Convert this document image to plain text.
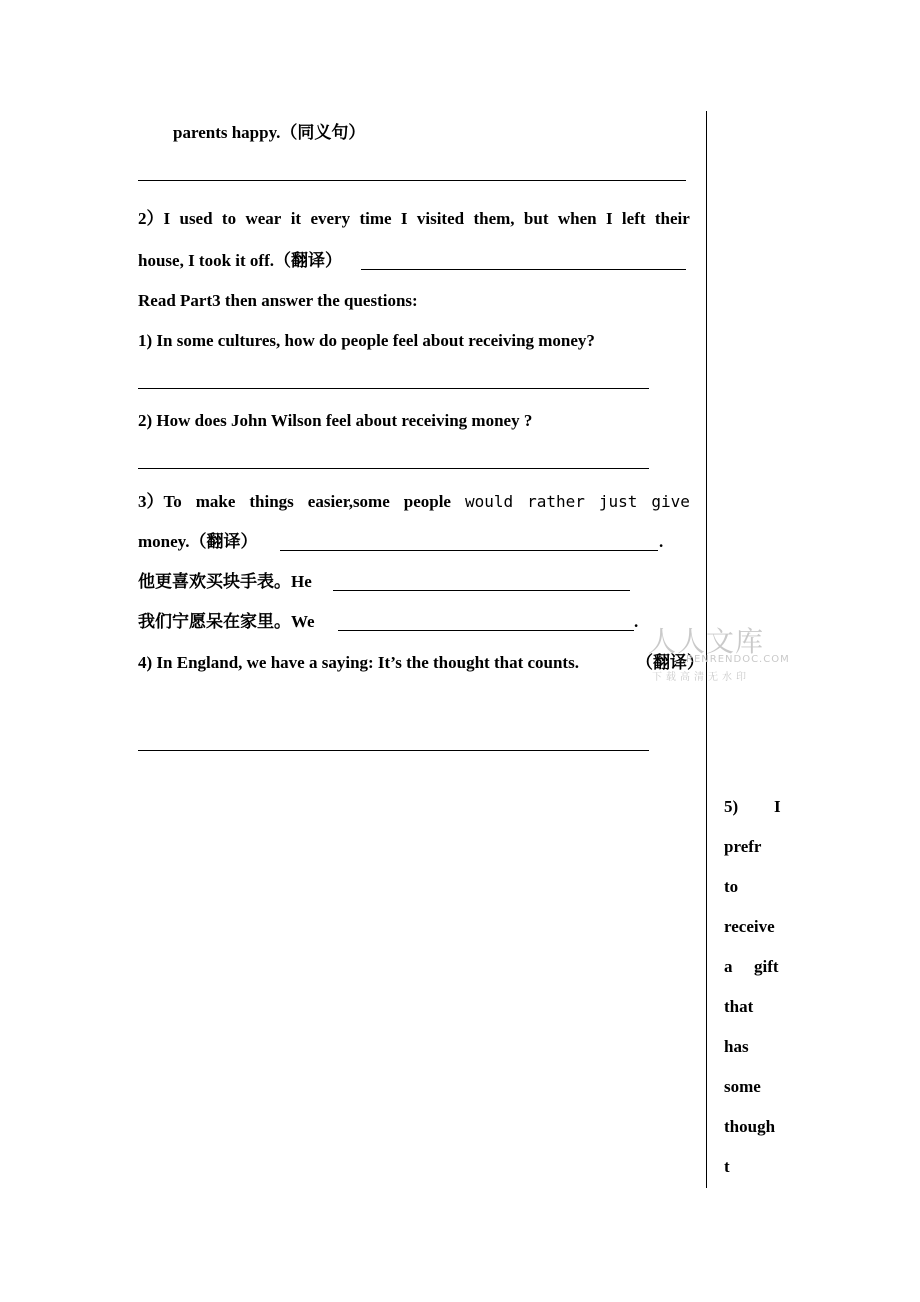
parents happy.（同义句）
2）I used to wear it every time I visited them, but when I left their
house, I took it off.（翻译）
Read Part3 then answer the questions:
1) In some cultures, how do people feel about receiving money?
2) How does John Wilson feel about receiving money ?
3）To make things easier,some people would rather just give
money.（翻译）	.
他更喜欢买块手表。He
我们宁愿呆在家里。We	.
4) In England, we have a saying: It’s the thought that counts.	（翻译）
5) I
prefr
to
receive
a gift
that
has
some
though
t
人人文库
RENRENDOC.COM
下载高清无水印
